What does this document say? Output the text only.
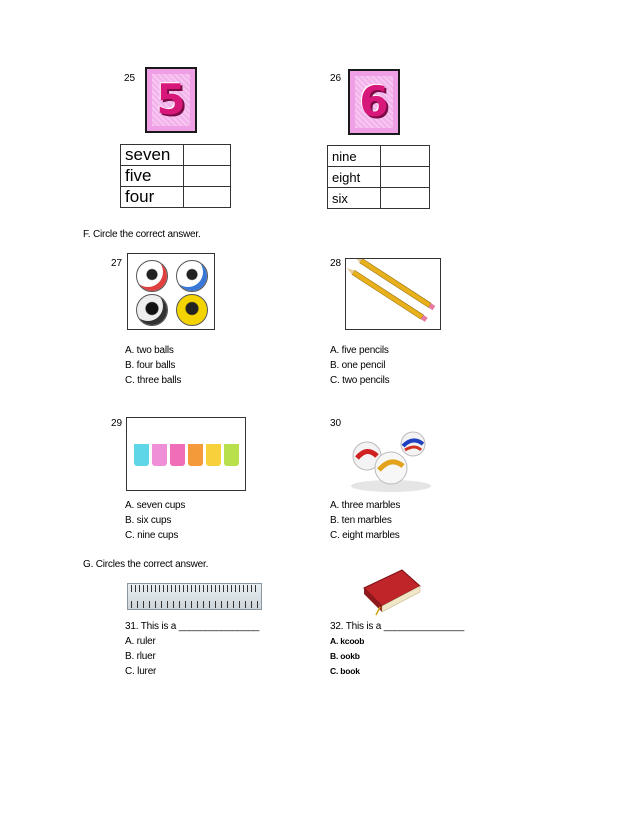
25 5
seven	
five	
four	
26 6
nine	
eight	
six	
F. Circle the correct answer.
27
A. two balls
B. four balls
C. three balls
28
A. five pencils
B. one pencil
C. two pencils
29
A. seven cups
B. six cups
C. nine cups
30
A. three marbles
B. ten marbles
C. eight marbles
G. Circles the correct answer.
31. This is a _______________
A. ruler
B. rluer
C. lurer
32. This is a _______________
A. kcoob
B. ookb
C. book
